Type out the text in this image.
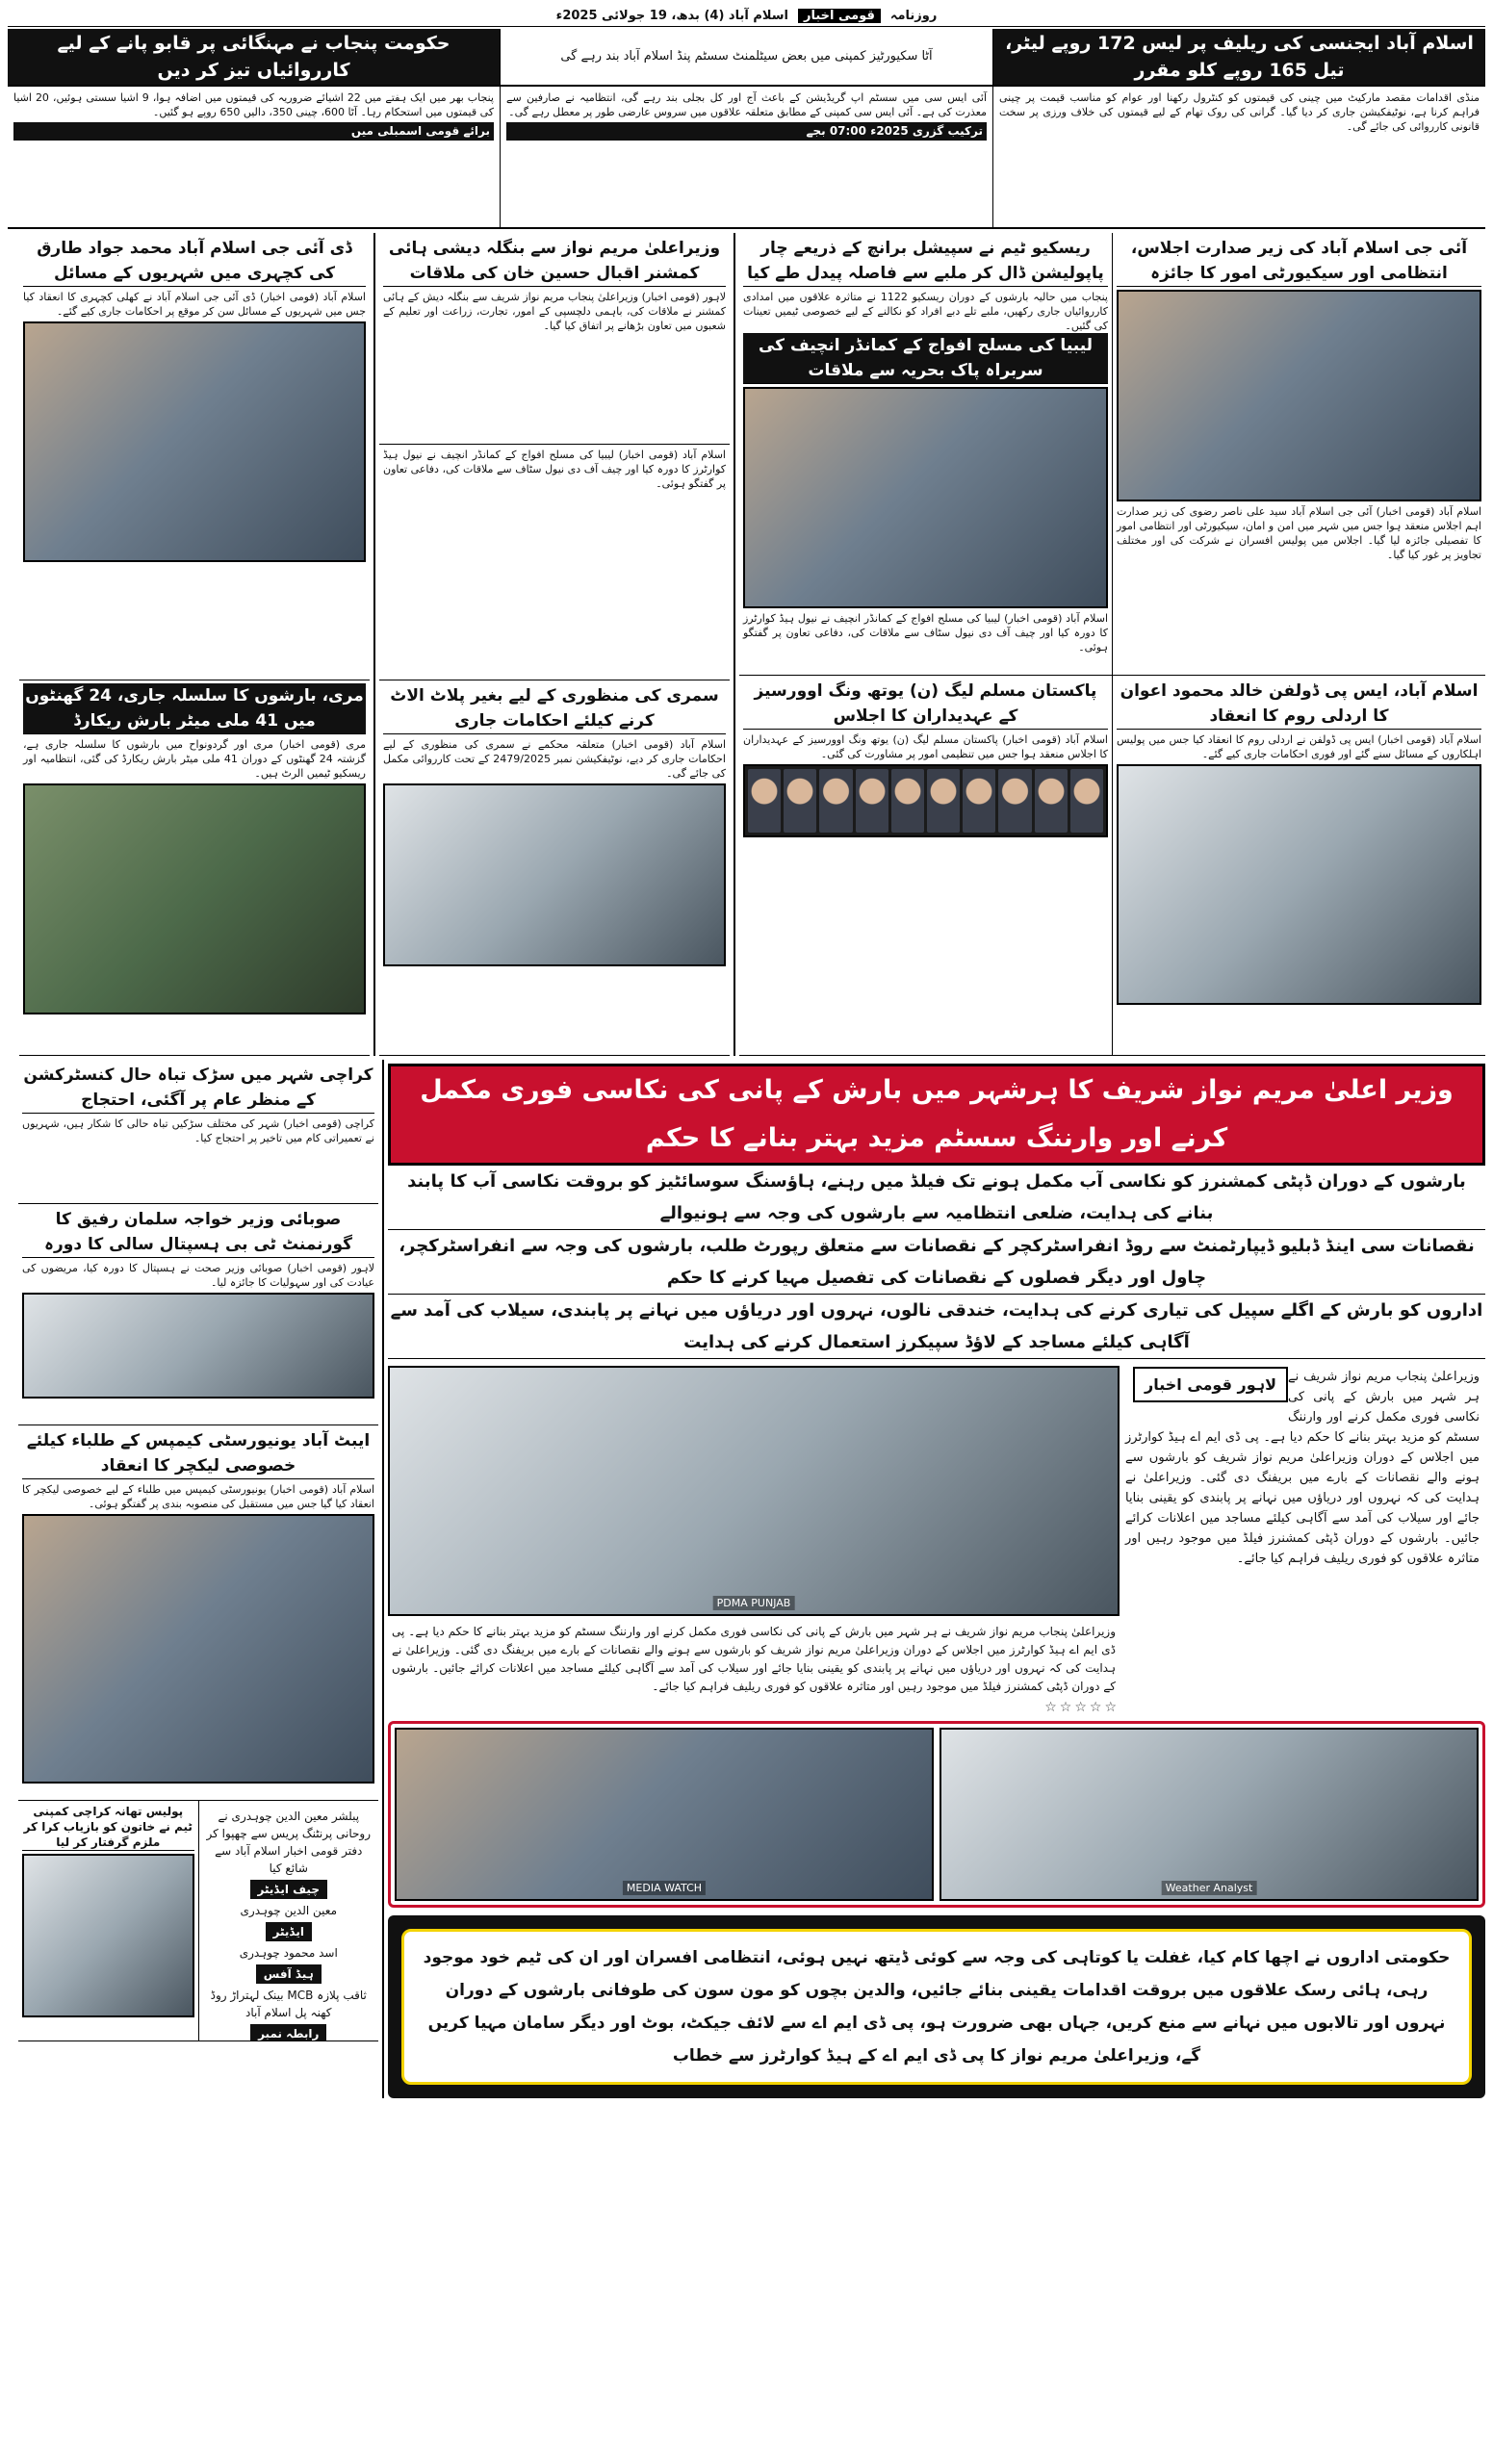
روزنامہ
قومی اخبار
اسلام آباد (4) بدھ، 19 جولائی 2025ء
اسلام آباد ایجنسی کی ریلیف پر لیس 172 روپے لیٹر، تیل 165 روپے کلو مقرر
آٹا سکیورٹیز کمپنی میں بعض سیٹلمنٹ سسٹم پنڈ اسلام آباد بند رہے گی
حکومت پنجاب نے مہنگائی پر قابو پانے کے لیے کارروائیاں تیز کر دیں

منڈی اقدامات مقصد مارکیٹ میں چینی کی قیمتوں کو کنٹرول رکھنا اور عوام کو مناسب قیمت پر چینی فراہم کرنا ہے، نوٹیفکیشن جاری کر دیا گیا۔ گرانی کی روک تھام کے لیے قیمتوں کی خلاف ورزی پر سخت قانونی کارروائی کی جائے گی۔

آئی ایس سی میں سسٹم اپ گریڈیشن کے باعث آج اور کل بجلی بند رہے گی، انتظامیہ نے صارفین سے معذرت کی ہے۔ آئی ایس سی کمپنی کے مطابق متعلقہ علاقوں میں سروس عارضی طور پر معطل رہے گی۔

ترکیب گزری 2025ء 07:00 بجے

پنجاب بھر میں ایک ہفتے میں 22 اشیائے ضروریہ کی قیمتوں میں اضافہ ہوا، 9 اشیا سستی ہوئیں، 20 اشیا کی قیمتوں میں استحکام رہا۔ آٹا 600، چینی 350، دالیں 650 روپے ہو گئیں۔

برائے قومی اسمبلی میں
آئی جی اسلام آباد کی زیر صدارت اجلاس، انتظامی اور سیکیورٹی امور کا جائزہ
اسلام آباد (قومی اخبار) آئی جی اسلام آباد سید علی ناصر رضوی کی زیر صدارت اہم اجلاس منعقد ہوا جس میں شہر میں امن و امان، سیکیورٹی اور انتظامی امور کا تفصیلی جائزہ لیا گیا۔ اجلاس میں پولیس افسران نے شرکت کی اور مختلف تجاویز پر غور کیا گیا۔
ریسکیو ٹیم نے سپیشل برانچ کے ذریعے چار پاپولیشن ڈال کر ملبے سے فاصلہ پیدل طے کیا
پنجاب میں حالیہ بارشوں کے دوران ریسکیو 1122 نے متاثرہ علاقوں میں امدادی کارروائیاں جاری رکھیں، ملبے تلے دبے افراد کو نکالنے کے لیے خصوصی ٹیمیں تعینات کی گئیں۔
لیبیا کی مسلح افواج کے کمانڈر انچیف کی سربراہ پاک بحریہ سے ملاقات
اسلام آباد (قومی اخبار) لیبیا کی مسلح افواج کے کمانڈر انچیف نے نیول ہیڈ کوارٹرز کا دورہ کیا اور چیف آف دی نیول سٹاف سے ملاقات کی، دفاعی تعاون پر گفتگو ہوئی۔
اسلام آباد، ایس پی ڈولفن خالد محمود اعوان کا اردلی روم کا انعقاد
اسلام آباد (قومی اخبار) ایس پی ڈولفن نے اردلی روم کا انعقاد کیا جس میں پولیس اہلکاروں کے مسائل سنے گئے اور فوری احکامات جاری کیے گئے۔
پاکستان مسلم لیگ (ن) یوتھ ونگ اوورسیز کے عہدیداران کا اجلاس
اسلام آباد (قومی اخبار) پاکستان مسلم لیگ (ن) یوتھ ونگ اوورسیز کے عہدیداران کا اجلاس منعقد ہوا جس میں تنظیمی امور پر مشاورت کی گئی۔
وزیراعلیٰ مریم نواز سے بنگلہ دیشی ہائی کمشنر اقبال حسین خان کی ملاقات
لاہور (قومی اخبار) وزیراعلیٰ پنجاب مریم نواز شریف سے بنگلہ دیش کے ہائی کمشنر نے ملاقات کی، باہمی دلچسپی کے امور، تجارت، زراعت اور تعلیم کے شعبوں میں تعاون بڑھانے پر اتفاق کیا گیا۔
اسلام آباد (قومی اخبار) لیبیا کی مسلح افواج کے کمانڈر انچیف نے نیول ہیڈ کوارٹرز کا دورہ کیا اور چیف آف دی نیول سٹاف سے ملاقات کی، دفاعی تعاون پر گفتگو ہوئی۔
سمری کی منظوری کے لیے بغیر پلاٹ الاٹ کرنے کیلئے احکامات جاری
اسلام آباد (قومی اخبار) متعلقہ محکمے نے سمری کی منظوری کے لیے احکامات جاری کر دیے، نوٹیفکیشن نمبر 2479/2025 کے تحت کارروائی مکمل کی جائے گی۔
ڈی آئی جی اسلام آباد محمد جواد طارق کی کچہری میں شہریوں کے مسائل
اسلام آباد (قومی اخبار) ڈی آئی جی اسلام آباد نے کھلی کچہری کا انعقاد کیا جس میں شہریوں کے مسائل سن کر موقع پر احکامات جاری کیے گئے۔
مری، بارشوں کا سلسلہ جاری، 24 گھنٹوں میں 41 ملی میٹر بارش ریکارڈ
مری (قومی اخبار) مری اور گردونواح میں بارشوں کا سلسلہ جاری ہے، گزشتہ 24 گھنٹوں کے دوران 41 ملی میٹر بارش ریکارڈ کی گئی، انتظامیہ اور ریسکیو ٹیمیں الرٹ ہیں۔
وزیر اعلیٰ مریم نواز شریف کا ہرشہر میں بارش کے پانی کی نکاسی فوری مکمل کرنے اور وارننگ سسٹم مزید بہتر بنانے کا حکم
بارشوں کے دوران ڈپٹی کمشنرز کو نکاسی آب مکمل ہونے تک فیلڈ میں رہنے، ہاؤسنگ سوسائٹیز کو بروقت نکاسی آب کا پابند بنانے کی ہدایت، ضلعی انتظامیہ سے بارشوں کی وجہ سے ہونیوالے
نقصانات سی اینڈ ڈبلیو ڈیپارٹمنٹ سے روڈ انفراسٹرکچر کے نقصانات سے متعلق رپورٹ طلب، بارشوں کی وجہ سے انفراسٹرکچر، چاول اور دیگر فصلوں کے نقصانات کی تفصیل مہیا کرنے کا حکم
اداروں کو بارش کے اگلے سپیل کی تیاری کرنے کی ہدایت، خندقی نالوں، نہروں اور دریاؤں میں نہانے پر پابندی، سیلاب کی آمد سے آگاہی کیلئے مساجد کے لاؤڈ سپیکرز استعمال کرنے کی ہدایت
لاہور قومی اخبار وزیراعلیٰ پنجاب مریم نواز شریف نے ہر شہر میں بارش کے پانی کی نکاسی فوری مکمل کرنے اور وارننگ سسٹم کو مزید بہتر بنانے کا حکم دیا ہے۔ پی ڈی ایم اے ہیڈ کوارٹرز میں اجلاس کے دوران وزیراعلیٰ مریم نواز شریف کو بارشوں سے ہونے والے نقصانات کے بارے میں بریفنگ دی گئی۔ وزیراعلیٰ نے ہدایت کی کہ نہروں اور دریاؤں میں نہانے پر پابندی کو یقینی بنایا جائے اور سیلاب کی آمد سے آگاہی کیلئے مساجد میں اعلانات کرائے جائیں۔ بارشوں کے دوران ڈپٹی کمشنرز فیلڈ میں موجود رہیں اور متاثرہ علاقوں کو فوری ریلیف فراہم کیا جائے۔

PDMA PUNJAB
وزیراعلیٰ پنجاب مریم نواز شریف نے ہر شہر میں بارش کے پانی کی نکاسی فوری مکمل کرنے اور وارننگ سسٹم کو مزید بہتر بنانے کا حکم دیا ہے۔ پی ڈی ایم اے ہیڈ کوارٹرز میں اجلاس کے دوران وزیراعلیٰ مریم نواز شریف کو بارشوں سے ہونے والے نقصانات کے بارے میں بریفنگ دی گئی۔ وزیراعلیٰ نے ہدایت کی کہ نہروں اور دریاؤں میں نہانے پر پابندی کو یقینی بنایا جائے اور سیلاب کی آمد سے آگاہی کیلئے مساجد میں اعلانات کرائے جائیں۔ بارشوں کے دوران ڈپٹی کمشنرز فیلڈ میں موجود رہیں اور متاثرہ علاقوں کو فوری ریلیف فراہم کیا جائے۔
☆☆☆☆☆
Weather Analyst
MEDIA WATCH
حکومتی اداروں نے اچھا کام کیا، غفلت یا کوتاہی کی وجہ سے کوئی ڈیتھ نہیں ہوئی، انتظامی افسران اور ان کی ٹیم خود موجود رہی، ہائی رسک علاقوں میں بروقت اقدامات یقینی بنائے جائیں، والدین بچوں کو مون سون کی طوفانی بارشوں کے دوران نہروں اور تالابوں میں نہانے سے منع کریں، جہاں بھی ضرورت ہو، پی ڈی ایم اے سے لائف جیکٹ، بوٹ اور دیگر سامان مہیا کریں گے، وزیراعلیٰ مریم نواز کا پی ڈی ایم اے کے ہیڈ کوارٹرز سے خطاب
کراچی شہر میں سڑک تباہ حال کنسٹرکشن کے منظر عام پر آگئی، احتجاج
کراچی (قومی اخبار) شہر کی مختلف سڑکیں تباہ حالی کا شکار ہیں، شہریوں نے تعمیراتی کام میں تاخیر پر احتجاج کیا۔
صوبائی وزیر خواجہ سلمان رفیق کا گورنمنٹ ٹی بی ہسپتال سالی کا دورہ
لاہور (قومی اخبار) صوبائی وزیر صحت نے ہسپتال کا دورہ کیا، مریضوں کی عیادت کی اور سہولیات کا جائزہ لیا۔
ایبٹ آباد یونیورسٹی کیمپس کے طلباء کیلئے خصوصی لیکچر کا انعقاد
اسلام آباد (قومی اخبار) یونیورسٹی کیمپس میں طلباء کے لیے خصوصی لیکچر کا انعقاد کیا گیا جس میں مستقبل کی منصوبہ بندی پر گفتگو ہوئی۔

پبلشر معین الدین چوہدری نے روحانی پرنٹنگ پریس سے چھپوا کر دفتر قومی اخبار اسلام آباد سے شائع کیا

چیف ایڈیٹر

معین الدین چوہدری

ایڈیٹر

اسد محمود چوہدری

ہیڈ آفس

ثاقب پلازہ MCB بینک لہتراڑ روڈ کھنہ پل اسلام آباد

رابطہ نمبر
پولیس تھانہ کراچی کمپنی ٹیم نے خاتون کو بازیاب کرا کر ملزم گرفتار کر لیا
